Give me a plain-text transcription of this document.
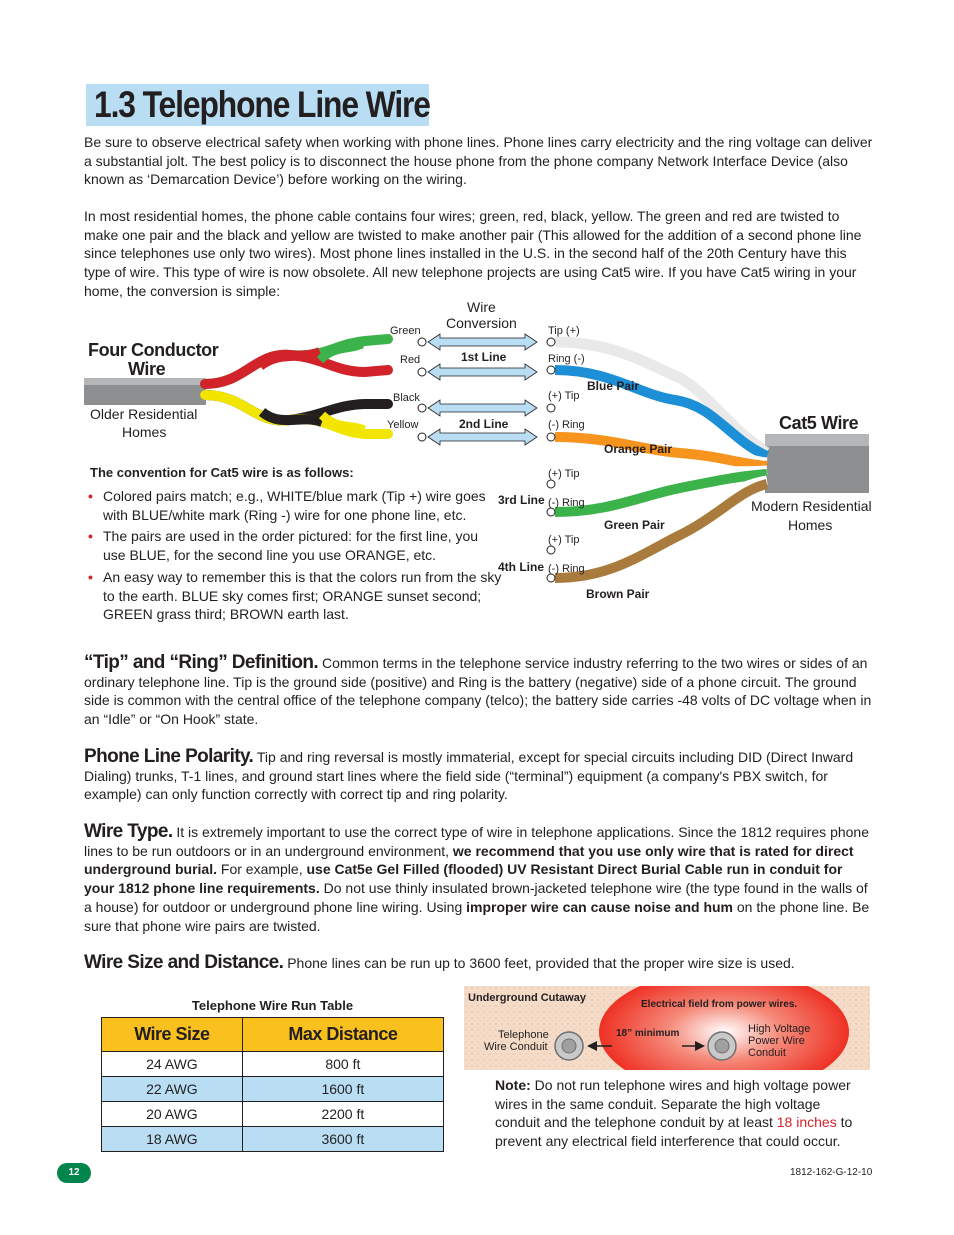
1.3 Telephone Line Wire
Be sure to observe electrical safety when working with phone lines. Phone lines carry electricity and the ring voltage can deliver a substantial jolt. The best policy is to disconnect the house phone from the phone company Network Interface Device (also known as ‘Demarcation Device’) before working on the wiring.
In most residential homes, the phone cable contains four wires; green, red, black, yellow. The green and red are twisted to make one pair and the black and yellow are twisted to make another pair (This allowed for the addition of a second phone line since telephones use only two wires). Most phone lines installed in the U.S. in the second half of the 20th Century have this type of wire. This type of wire is now obsolete. All new telephone projects are using Cat5 wire. If you have Cat5 wiring in your home, the conversion is simple:
Four Conductor
Wire
Older Residential
Homes
Wire
Conversion
Green
Red
Black
Yellow
1st Line
2nd Line
3rd Line
4th Line
Tip (+)
Ring (-)
(+) Tip
(-) Ring
(+) Tip
(-) Ring
(+) Tip
(-) Ring
Blue Pair
Orange Pair
Green Pair
Brown Pair
Cat5 Wire
Modern Residential
Homes
The convention for Cat5 wire is as follows:
• Colored pairs match; e.g., WHITE/blue mark (Tip +) wire goes with BLUE/white mark (Ring -) wire for one phone line, etc.
• The pairs are used in the order pictured: for the first line, you use BLUE, for the second line you use ORANGE, etc.
• An easy way to remember this is that the colors run from the sky to the earth. BLUE sky comes first; ORANGE sunset second; GREEN grass third; BROWN earth last.
“Tip” and “Ring” Definition. Common terms in the telephone service industry referring to the two wires or sides of an ordinary telephone line. Tip is the ground side (positive) and Ring is the battery (negative) side of a phone circuit. The ground side is common with the central office of the telephone company (telco); the battery side carries -48 volts of DC voltage when in an “Idle” or “On Hook” state.
Phone Line Polarity. Tip and ring reversal is mostly immaterial, except for special circuits including DID (Direct Inward Dialing) trunks, T-1 lines, and ground start lines where the field side (“terminal”) equipment (a company's PBX switch, for example) can only function correctly with correct tip and ring polarity.
Wire Type. It is extremely important to use the correct type of wire in telephone applications. Since the 1812 requires phone lines to be run outdoors or in an underground environment, we recommend that you use only wire that is rated for direct underground burial. For example, use Cat5e Gel Filled (flooded) UV Resistant Direct Burial Cable run in conduit for your 1812 phone line requirements. Do not use thinly insulated brown-jacketed telephone wire (the type found in the walls of a house) for outdoor or underground phone line wiring. Using improper wire can cause noise and hum on the phone line. Be sure that phone wire pairs are twisted.
Wire Size and Distance. Phone lines can be run up to 3600 feet, provided that the proper wire size is used.
Telephone Wire Run Table
Wire Size	Max Distance
24 AWG	800 ft
22 AWG	1600 ft
20 AWG	2200 ft
18 AWG	3600 ft
Underground Cutaway
Electrical field from power wires.
Telephone
Wire Conduit
High Voltage
Power Wire
Conduit
18” minimum
Note: Do not run telephone wires and high voltage power wires in the same conduit. Separate the high voltage conduit and the telephone conduit by at least 18 inches to prevent any electrical field interference that could occur.
12	1812-162-G-12-10
